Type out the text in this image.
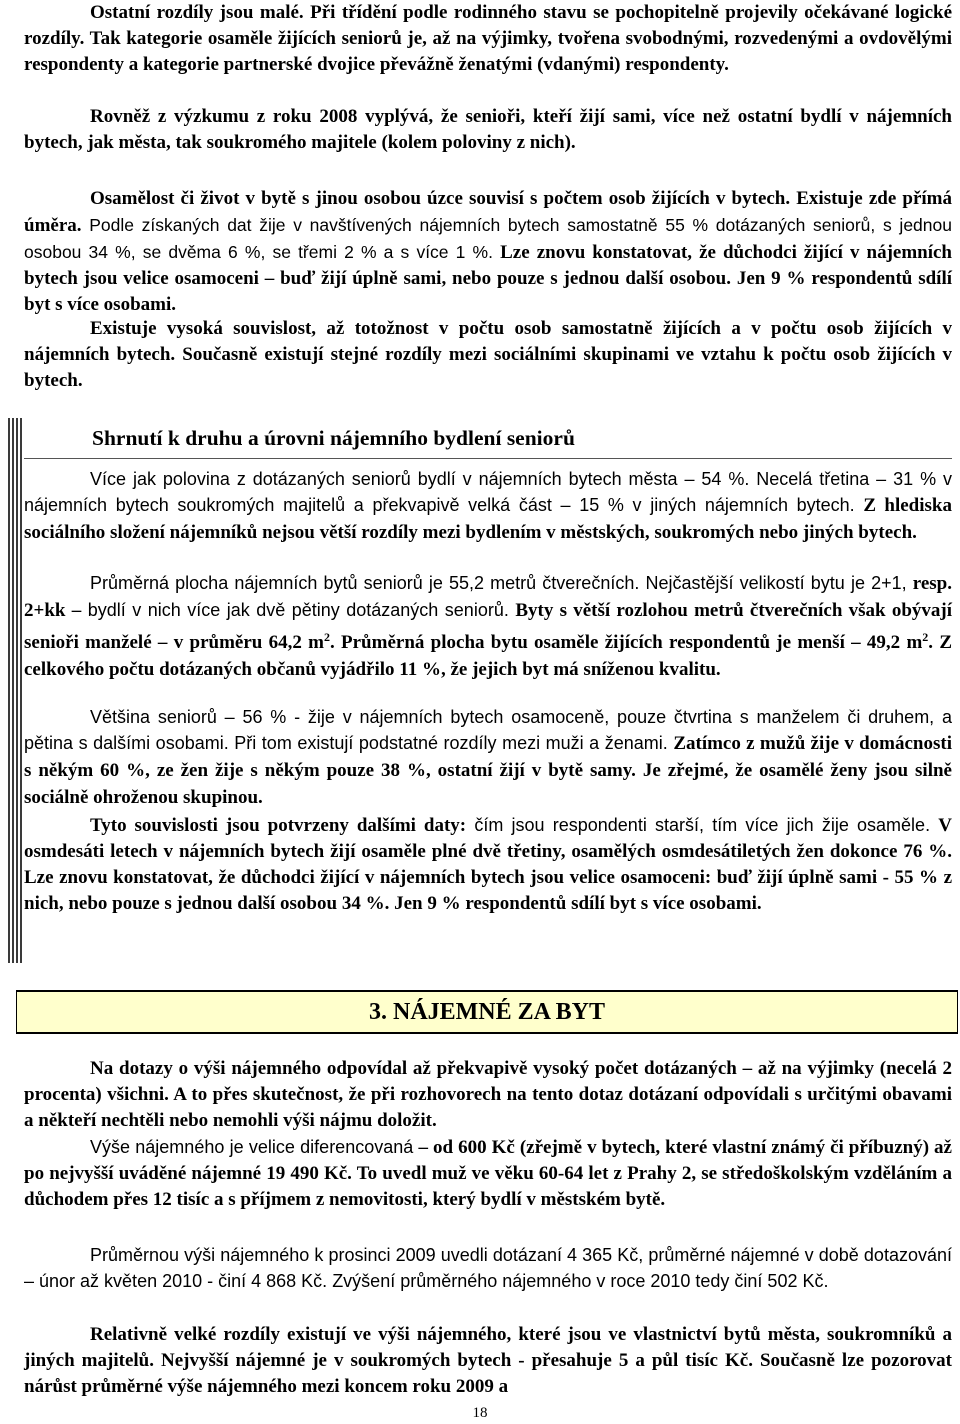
Ostatní rozdíly jsou malé. Při třídění podle rodinného stavu se pochopitelně projevily očekávané logické rozdíly. Tak kategorie osaměle žijících seniorů je, až na výjimky, tvořena svobodnými, rozvedenými a ovdovělými respondenty a kategorie partnerské dvojice převážně ženatými (vdanými) respondenty.

Rovněž z výzkumu z roku 2008 vyplývá, že senioři, kteří žijí sami, více než ostatní bydlí v nájemních bytech, jak města, tak soukromého majitele (kolem poloviny z nich).

Osamělost či život v bytě s jinou osobou úzce souvisí s počtem osob žijících v bytech. Existuje zde přímá úměra. Podle získaných dat žije v navštívených nájemních bytech samostatně 55 % dotázaných seniorů, s jednou osobou 34 %, se dvěma 6 %, se třemi 2 % a s více 1 %. Lze znovu konstatovat, že důchodci žijící v nájemních bytech jsou velice osamoceni – buď žijí úplně sami, nebo pouze s jednou další osobou. Jen 9 % respondentů sdílí byt s více osobami.

Existuje vysoká souvislost, až totožnost v počtu osob samostatně žijících a v počtu osob žijících v nájemních bytech. Současně existují stejné rozdíly mezi sociálními skupinami ve vztahu k počtu osob žijících v bytech.

Shrnutí k druhu a úrovni nájemního bydlení seniorů

Více jak polovina z dotázaných seniorů bydlí v nájemních bytech města – 54 %. Necelá třetina – 31 % v nájemních bytech soukromých majitelů a překvapivě velká část – 15 % v jiných nájemních bytech. Z hlediska sociálního složení nájemníků nejsou větší rozdíly mezi bydlením v městských, soukromých nebo jiných bytech.

Průměrná plocha nájemních bytů seniorů je 55,2 metrů čtverečních. Nejčastější velikostí bytu je 2+1, resp. 2+kk – bydlí v nich více jak dvě pětiny dotázaných seniorů. Byty s větší rozlohou metrů čtverečních však obývají senioři manželé – v průměru 64,2 $m^2$. Průměrná plocha bytu osaměle žijících respondentů je menší – 49,2 $m^2$. Z celkového počtu dotázaných občanů vyjádřilo 11 %, že jejich byt má sníženou kvalitu.

Většina seniorů – 56 % - žije v nájemních bytech osamoceně, pouze čtvrtina s manželem či druhem, a pětina s dalšími osobami. Při tom existují podstatné rozdíly mezi muži a ženami. Zatímco z mužů žije v domácnosti s někým 60 %, ze žen žije s někým pouze 38 %, ostatní žijí v bytě samy. Je zřejmé, že osamělé ženy jsou silně sociálně ohroženou skupinou.

Tyto souvislosti jsou potvrzeny dalšími daty: čím jsou respondenti starší, tím více jich žije osaměle. V osmdesáti letech v nájemních bytech žijí osaměle plné dvě třetiny, osamělých osmdesátiletých žen dokonce 76 %. Lze znovu konstatovat, že důchodci žijící v nájemních bytech jsou velice osamoceni: buď žijí úplně sami - 55 % z nich, nebo pouze s jednou další osobou 34 %. Jen 9 % respondentů sdílí byt s více osobami.

3. NÁJEMNÉ ZA BYT

Na dotazy o výši nájemného odpovídal až překvapivě vysoký počet dotázaných – až na výjimky (necelá 2 procenta) všichni. A to přes skutečnost, že při rozhovorech na tento dotaz dotázaní odpovídali s určitými obavami a někteří nechtěli nebo nemohli výši nájmu doložit.

Výše nájemného je velice diferencovaná – od 600 Kč (zřejmě v bytech, které vlastní známý či příbuzný) až po nejvyšší uváděné nájemné 19 490 Kč. To uvedl muž ve věku 60-64 let z Prahy 2, se středoškolským vzděláním a důchodem přes 12 tisíc a s příjmem z nemovitosti, který bydlí v městském bytě.

Průměrnou výši nájemného k prosinci 2009 uvedli dotázaní 4 365 Kč, průměrné nájemné v době dotazování – únor až květen 2010 - činí 4 868 Kč. Zvýšení průměrného nájemného v roce 2010 tedy činí 502 Kč.

Relativně velké rozdíly existují ve výši nájemného, které jsou ve vlastnictví bytů města, soukromníků a jiných majitelů. Nejvyšší nájemné je v soukromých bytech - přesahuje 5 a půl tisíc Kč. Současně lze pozorovat nárůst průměrné výše nájemného mezi koncem roku 2009 a

18
